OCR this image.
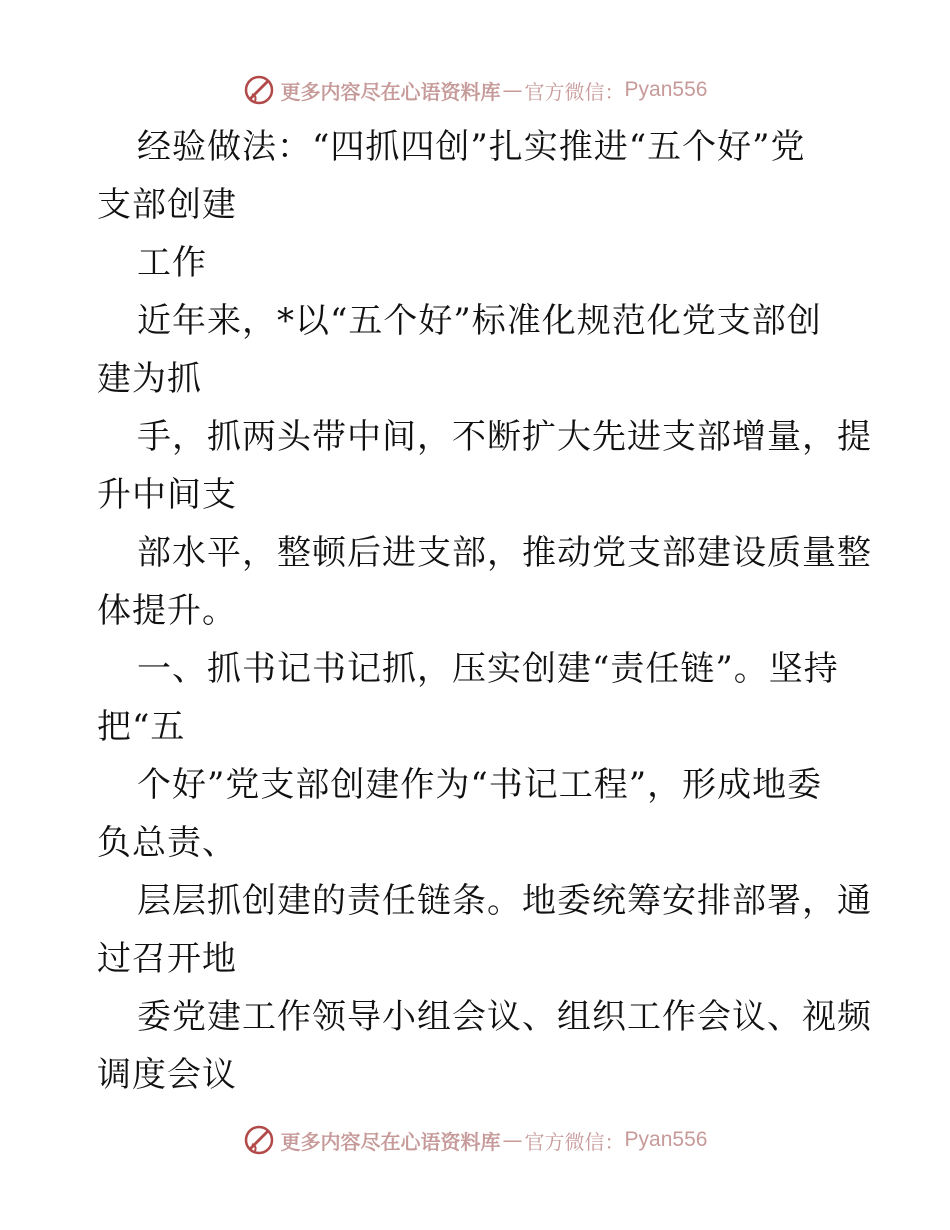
更多内容尽在心语资料库 — 官方微信： Pyan556
经验做法：“四抓四创”扎实推进“五个好”党
支部创建
工作
近年来，*以“五个好”标准化规范化党支部创
建为抓
手，抓两头带中间，不断扩大先进支部增量，提
升中间支
部水平，整顿后进支部，推动党支部建设质量整
体提升。
一、抓书记书记抓，压实创建“责任链”。坚持
把“五
个好”党支部创建作为“书记工程”，形成地委
负总责、
层层抓创建的责任链条。地委统筹安排部署，通
过召开地
委党建工作领导小组会议、组织工作会议、视频
调度会议
更多内容尽在心语资料库 — 官方微信： Pyan556
